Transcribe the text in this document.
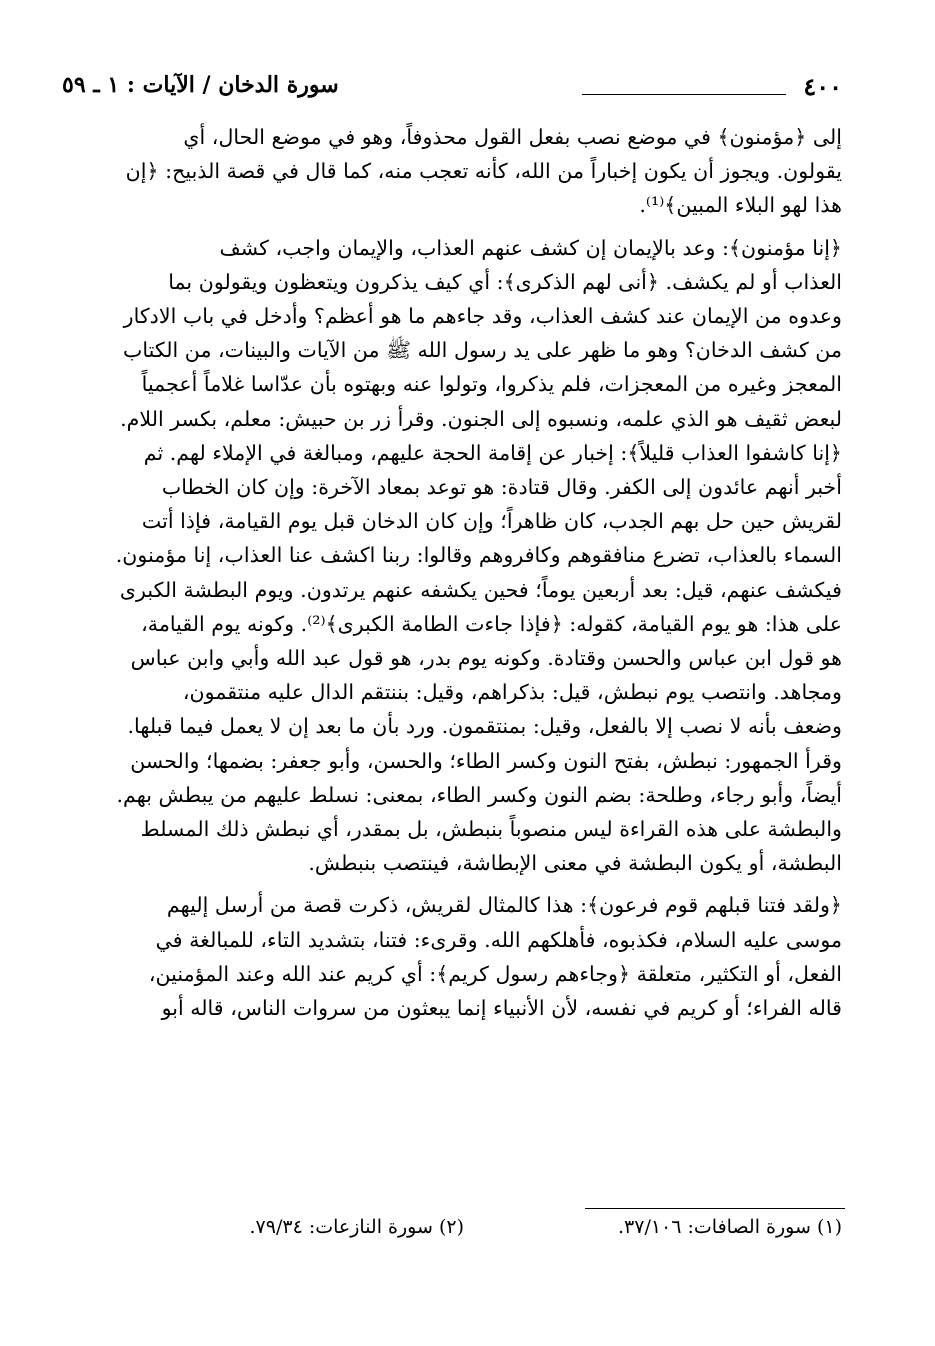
٤٠٠
سورة الدخان / الآيات : ١ ـ ٥٩

إلى ﴿مؤمنون﴾ في موضع نصب بفعل القول محذوفاً، وهو في موضع الحال، أي
يقولون. ويجوز أن يكون إخباراً من الله، كأنه تعجب منه، كما قال في قصة الذبيح: ﴿إن
هذا لهو البلاء المبين﴾⁽¹⁾.

﴿إنا مؤمنون﴾: وعد بالإيمان إن كشف عنهم العذاب، والإيمان واجب، كشف
العذاب أو لم يكشف. ﴿أنى لهم الذكرى﴾: أي كيف يذكرون ويتعظون ويقولون بما
وعدوه من الإيمان عند كشف العذاب، وقد جاءهم ما هو أعظم؟ وأدخل في باب الادكار
من كشف الدخان؟ وهو ما ظهر على يد رسول الله ﷺ من الآيات والبينات، من الكتاب
المعجز وغيره من المعجزات، فلم يذكروا، وتولوا عنه وبهتوه بأن عدّاسا غلاماً أعجمياً
لبعض ثقيف هو الذي علمه، ونسبوه إلى الجنون. وقرأ زر بن حبيش: معلم، بكسر اللام.
﴿إنا كاشفوا العذاب قليلاً﴾: إخبار عن إقامة الحجة عليهم، ومبالغة في الإملاء لهم. ثم
أخبر أنهم عائدون إلى الكفر. وقال قتادة: هو توعد بمعاد الآخرة: وإن كان الخطاب
لقريش حين حل بهم الجدب، كان ظاهراً؛ وإن كان الدخان قبل يوم القيامة، فإذا أتت
السماء بالعذاب، تضرع منافقوهم وكافروهم وقالوا: ربنا اكشف عنا العذاب، إنا مؤمنون.
فيكشف عنهم، قيل: بعد أربعين يوماً؛ فحين يكشفه عنهم يرتدون. ويوم البطشة الكبرى
على هذا: هو يوم القيامة، كقوله: ﴿فإذا جاءت الطامة الكبرى﴾⁽²⁾. وكونه يوم القيامة،
هو قول ابن عباس والحسن وقتادة. وكونه يوم بدر، هو قول عبد الله وأبي وابن عباس
ومجاهد. وانتصب يوم نبطش، قيل: بذكراهم، وقيل: بننتقم الدال عليه منتقمون،
وضعف بأنه لا نصب إلا بالفعل، وقيل: بمنتقمون. ورد بأن ما بعد إن لا يعمل فيما قبلها.
وقرأ الجمهور: نبطش، بفتح النون وكسر الطاء؛ والحسن، وأبو جعفر: بضمها؛ والحسن
أيضاً، وأبو رجاء، وطلحة: بضم النون وكسر الطاء، بمعنى: نسلط عليهم من يبطش بهم.
والبطشة على هذه القراءة ليس منصوباً بنبطش، بل بمقدر، أي نبطش ذلك المسلط
البطشة، أو يكون البطشة في معنى الإبطاشة، فينتصب بنبطش.

﴿ولقد فتنا قبلهم قوم فرعون﴾: هذا كالمثال لقريش، ذكرت قصة من أرسل إليهم
موسى عليه السلام، فكذبوه، فأهلكهم الله. وقرىء: فتنا، بتشديد التاء، للمبالغة في
الفعل، أو التكثير، متعلقة ﴿وجاءهم رسول كريم﴾: أي كريم عند الله وعند المؤمنين،
قاله الفراء؛ أو كريم في نفسه، لأن الأنبياء إنما يبعثون من سروات الناس، قاله أبو

(١) سورة الصافات: ٣٧/١٠٦.
(٢) سورة النازعات: ٧٩/٣٤.
